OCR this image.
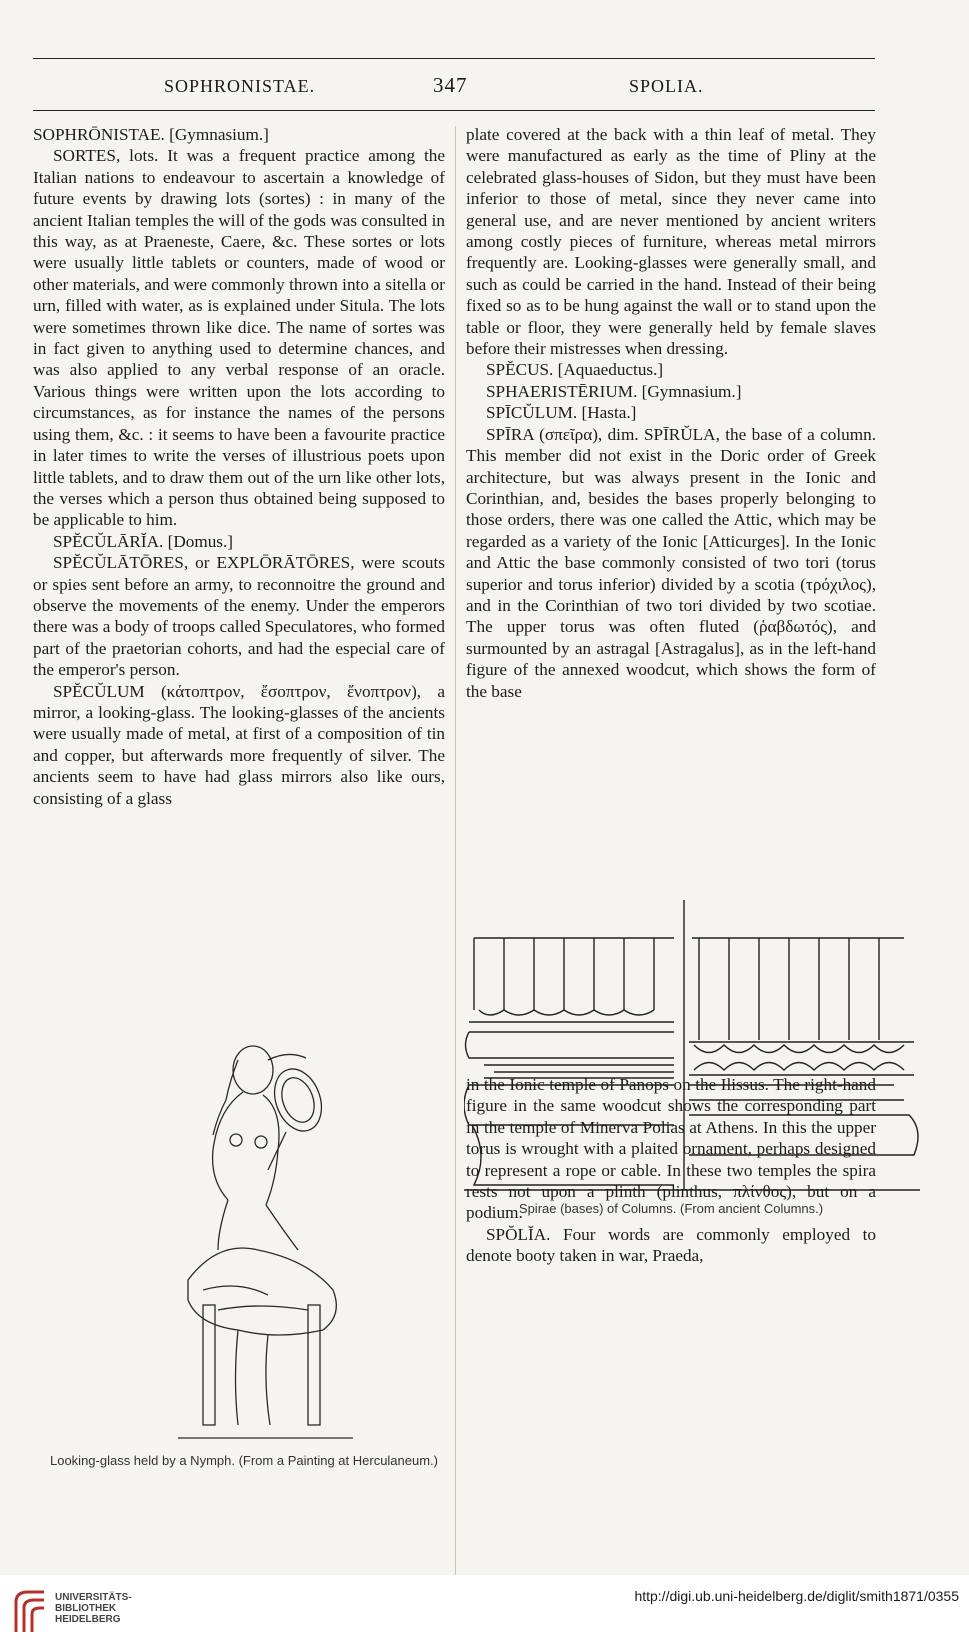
SOPHRONISTAE.	347	SPOLIA.

SOPHRŌNISTAE. [Gymnasium.]

SORTES, lots. It was a frequent practice among the Italian nations to endeavour to ascertain a knowledge of future events by drawing lots (sortes) : in many of the ancient Italian temples the will of the gods was consulted in this way, as at Praeneste, Caere, &c. These sortes or lots were usually little tablets or counters, made of wood or other materials, and were commonly thrown into a sitella or urn, filled with water, as is explained under Situla. The lots were sometimes thrown like dice. The name of sortes was in fact given to anything used to determine chances, and was also applied to any verbal response of an oracle. Various things were written upon the lots according to circumstances, as for instance the names of the persons using them, &c. : it seems to have been a favourite practice in later times to write the verses of illustrious poets upon little tablets, and to draw them out of the urn like other lots, the verses which a person thus obtained being supposed to be applicable to him.

SPĔCŬLĀRĬA. [Domus.]

SPĔCŬLĀTŌRES, or EXPLŌRĀTŌRES, were scouts or spies sent before an army, to reconnoitre the ground and observe the movements of the enemy. Under the emperors there was a body of troops called Speculatores, who formed part of the praetorian cohorts, and had the especial care of the emperor's person.

SPĔCŬLUM (κάτοπτρον, ἔσοπτρον, ἔνοπτρον), a mirror, a looking-glass. The looking-glasses of the ancients were usually made of metal, at first of a composition of tin and copper, but afterwards more frequently of silver. The ancients seem to have had glass mirrors also like ours, consisting of a glass

Looking-glass held by a Nymph. (From a Painting at Herculaneum.)

plate covered at the back with a thin leaf of metal. They were manufactured as early as the time of Pliny at the celebrated glass-houses of Sidon, but they must have been inferior to those of metal, since they never came into general use, and are never mentioned by ancient writers among costly pieces of furniture, whereas metal mirrors frequently are. Looking-glasses were generally small, and such as could be carried in the hand. Instead of their being fixed so as to be hung against the wall or to stand upon the table or floor, they were generally held by female slaves before their mistresses when dressing.

SPĔCUS. [Aquaeductus.]

SPHAERISTĒRIUM. [Gymnasium.]

SPĪCŬLUM. [Hasta.]

SPĪRA (σπεῖρα), dim. SPĪRŬLA, the base of a column. This member did not exist in the Doric order of Greek architecture, but was always present in the Ionic and Corinthian, and, besides the bases properly belonging to those orders, there was one called the Attic, which may be regarded as a variety of the Ionic [Atticurges]. In the Ionic and Attic the base commonly consisted of two tori (torus superior and torus inferior) divided by a scotia (τρόχιλος), and in the Corinthian of two tori divided by two scotiae. The upper torus was often fluted (ῥαβδωτός), and surmounted by an astragal [Astragalus], as in the left-hand figure of the annexed woodcut, which shows the form of the base

in the Ionic temple of Panops on the Ilissus. The right-hand figure in the same woodcut shows the corresponding part in the temple of Minerva Polias at Athens. In this the upper torus is wrought with a plaited ornament, perhaps designed to represent a rope or cable. In these two temples the spira rests not upon a plinth (plinthus, πλίνθος), but on a podium.

SPŎLĬA. Four words are commonly employed to denote booty taken in war, Praeda,

Spirae (bases) of Columns. (From ancient Columns.)

UNIVERSITÄTS-
BIBLIOTHEK
HEIDELBERG

http://digi.ub.uni-heidelberg.de/diglit/smith1871/0355
